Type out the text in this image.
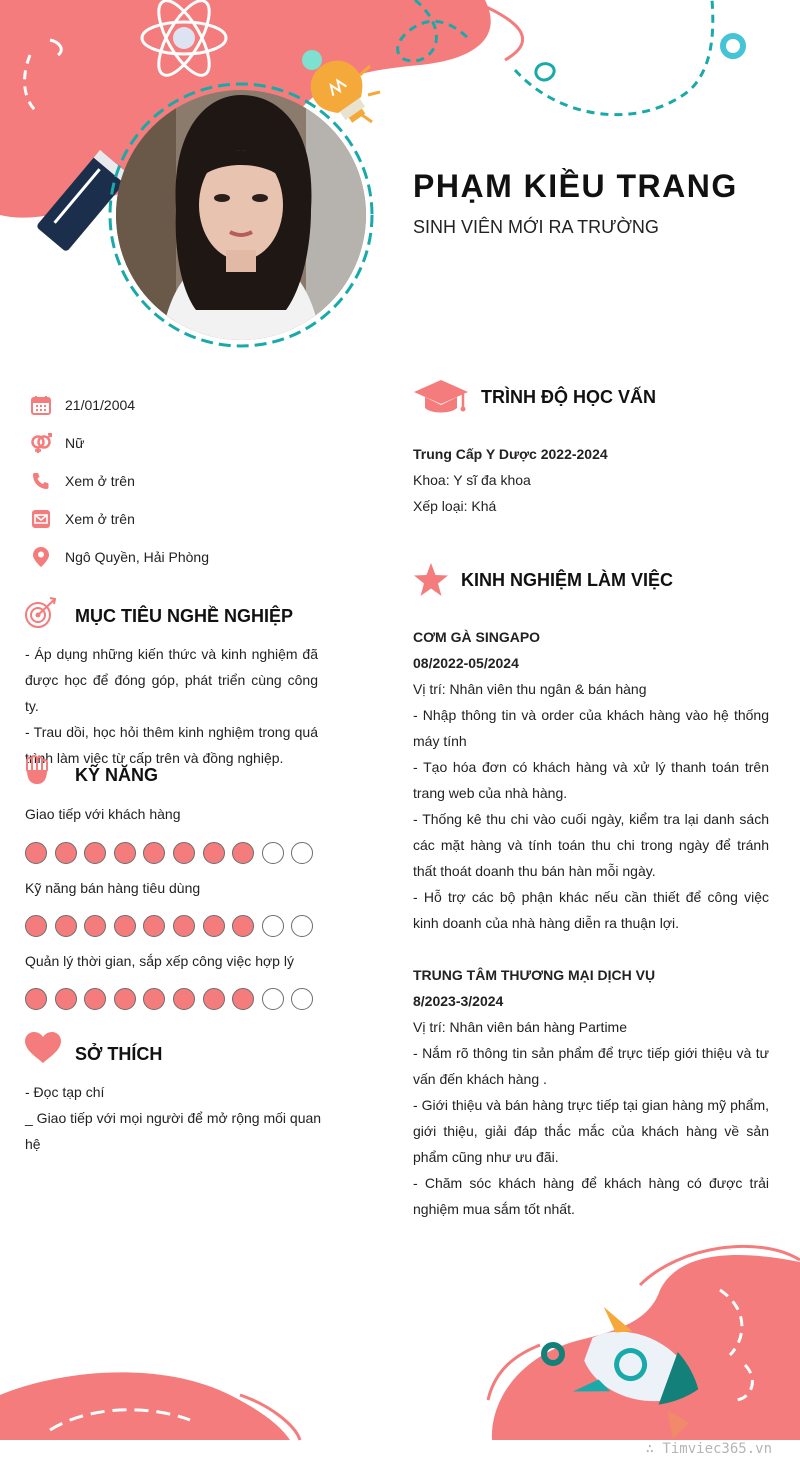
PHẠM KIỀU TRANG
SINH VIÊN MỚI RA TRƯỜNG
21/01/2004
Nữ
Xem ở trên
Xem ở trên
Ngô Quyền, Hải Phòng
MỤC TIÊU NGHỀ NGHIỆP
- Áp dụng những kiến thức và kinh nghiệm đã được học để đóng góp, phát triển cùng công ty.
- Trau dồi, học hỏi thêm kinh nghiệm trong quá trình làm việc từ cấp trên và đồng nghiệp.
KỸ NĂNG
Giao tiếp với khách hàng
Kỹ năng bán hàng tiêu dùng
Quản lý thời gian, sắp xếp công việc hợp lý
SỞ THÍCH
- Đọc tạp chí
_ Giao tiếp với mọi người để mở rộng mối quan hệ
TRÌNH ĐỘ HỌC VẤN
Trung Cấp Y Dược 2022-2024
Khoa: Y sĩ đa khoa
Xếp loại: Khá
KINH NGHIỆM LÀM VIỆC
CƠM GÀ SINGAPO
08/2022-05/2024
Vị trí: Nhân viên thu ngân & bán hàng
- Nhập thông tin và order của khách hàng vào hệ thống máy tính
- Tạo hóa đơn có khách hàng và xử lý thanh toán trên trang web của nhà hàng.
- Thống kê thu chi vào cuối ngày, kiểm tra lại danh sách các mặt hàng và tính toán thu chi trong ngày để tránh thất thoát doanh thu bán hàn mỗi ngày.
- Hỗ trợ các bộ phận khác nếu cần thiết để công việc kinh doanh của nhà hàng diễn ra thuận lợi.
TRUNG TÂM THƯƠNG MẠI DỊCH VỤ
8/2023-3/2024
Vị trí: Nhân viên bán hàng Partime
- Nắm rõ thông tin sản phẩm để trực tiếp giới thiệu và tư vấn đến khách hàng .
- Giới thiệu và bán hàng trực tiếp tại gian hàng mỹ phẩm, giới thiệu, giải đáp thắc mắc của khách hàng về sản phẩm cũng như ưu đãi.
- Chăm sóc khách hàng để khách hàng có được trải nghiệm mua sắm tốt nhất.
∴ Timviec365.vn
